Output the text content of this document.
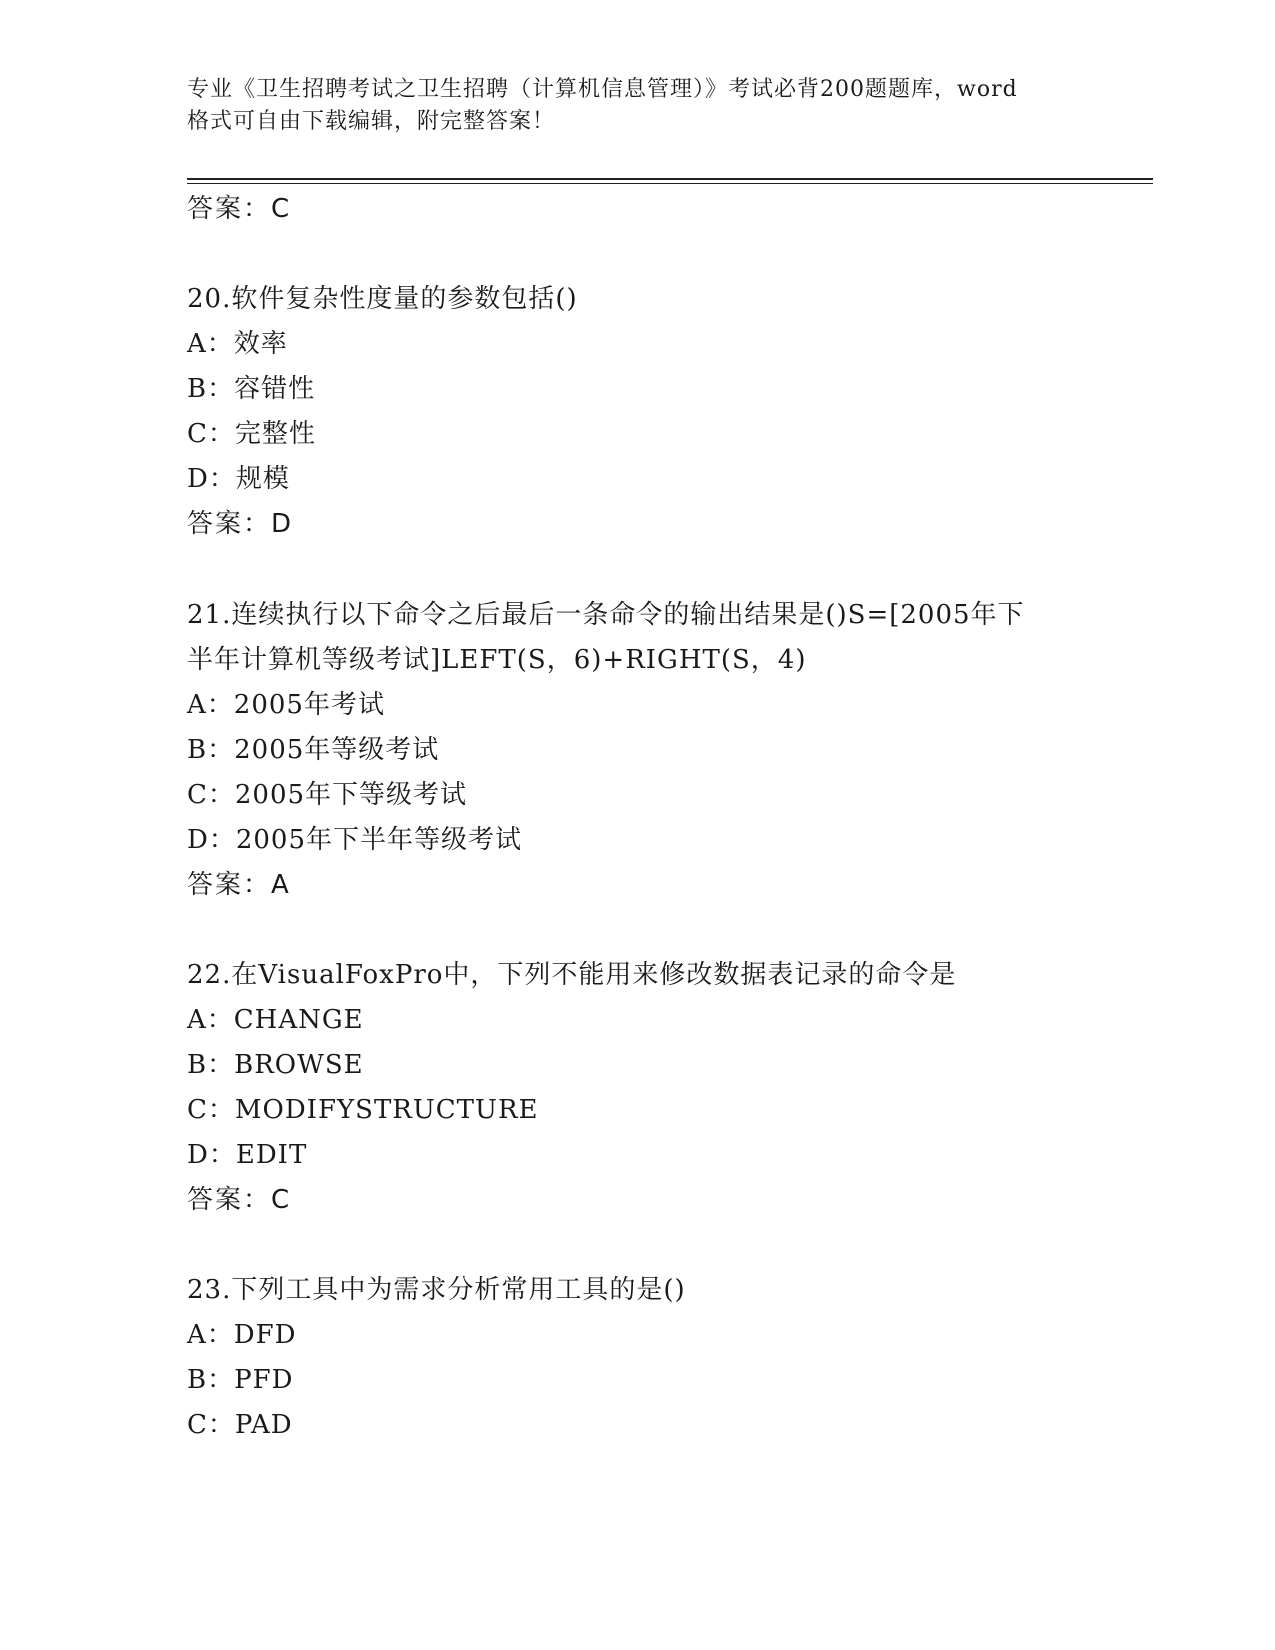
专业《卫生招聘考试之卫生招聘（计算机信息管理）》考试必背200题题库，word
格式可自由下载编辑，附完整答案！
答案：C
20.软件复杂性度量的参数包括()
A：效率
B：容错性
C：完整性
D：规模
答案：D
21.连续执行以下命令之后最后一条命令的输出结果是()S=[2005年下
半年计算机等级考试]LEFT(S，6)+RIGHT(S，4)
A：2005年考试
B：2005年等级考试
C：2005年下等级考试
D：2005年下半年等级考试
答案：A
22.在VisualFoxPro中，下列不能用来修改数据表记录的命令是
A：CHANGE
B：BROWSE
C：MODIFYSTRUCTURE
D：EDIT
答案：C
23.下列工具中为需求分析常用工具的是()
A：DFD
B：PFD
C：PAD
